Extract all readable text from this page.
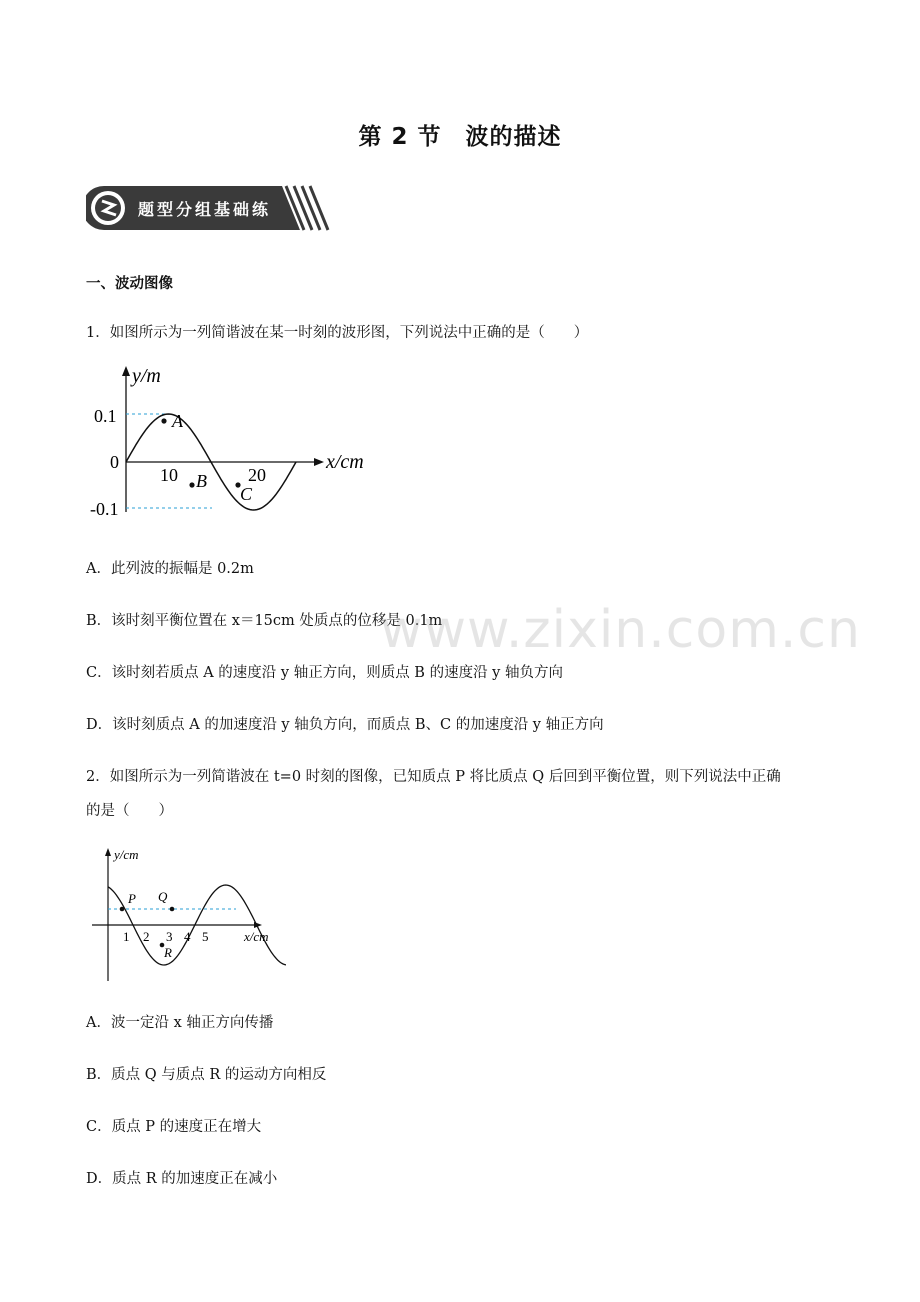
第 2 节　波的描述
题型分组基础练
一、波动图像
1．如图所示为一列简谐波在某一时刻的波形图，下列说法中正确的是（　　）
y/m
x/cm
0.1
0
-0.1
10	20
A
B
C
A．此列波的振幅是 0.2m
B．该时刻平衡位置在 x＝15cm 处质点的位移是 0.1m
C．该时刻若质点 A 的速度沿 y 轴正方向，则质点 B 的速度沿 y 轴负方向
D．该时刻质点 A 的加速度沿 y 轴负方向，而质点 B、C 的加速度沿 y 轴正方向
www.zixin.com.cn
2．如图所示为一列简谐波在 t=0 时刻的图像，已知质点 P 将比质点 Q 后回到平衡位置，则下列说法中正确
的是（　　）
y/cm
x/cm
1 2 3 4 5
P Q
R
A．波一定沿 x 轴正方向传播
B．质点 Q 与质点 R 的运动方向相反
C．质点 P 的速度正在增大
D．质点 R 的加速度正在减小
